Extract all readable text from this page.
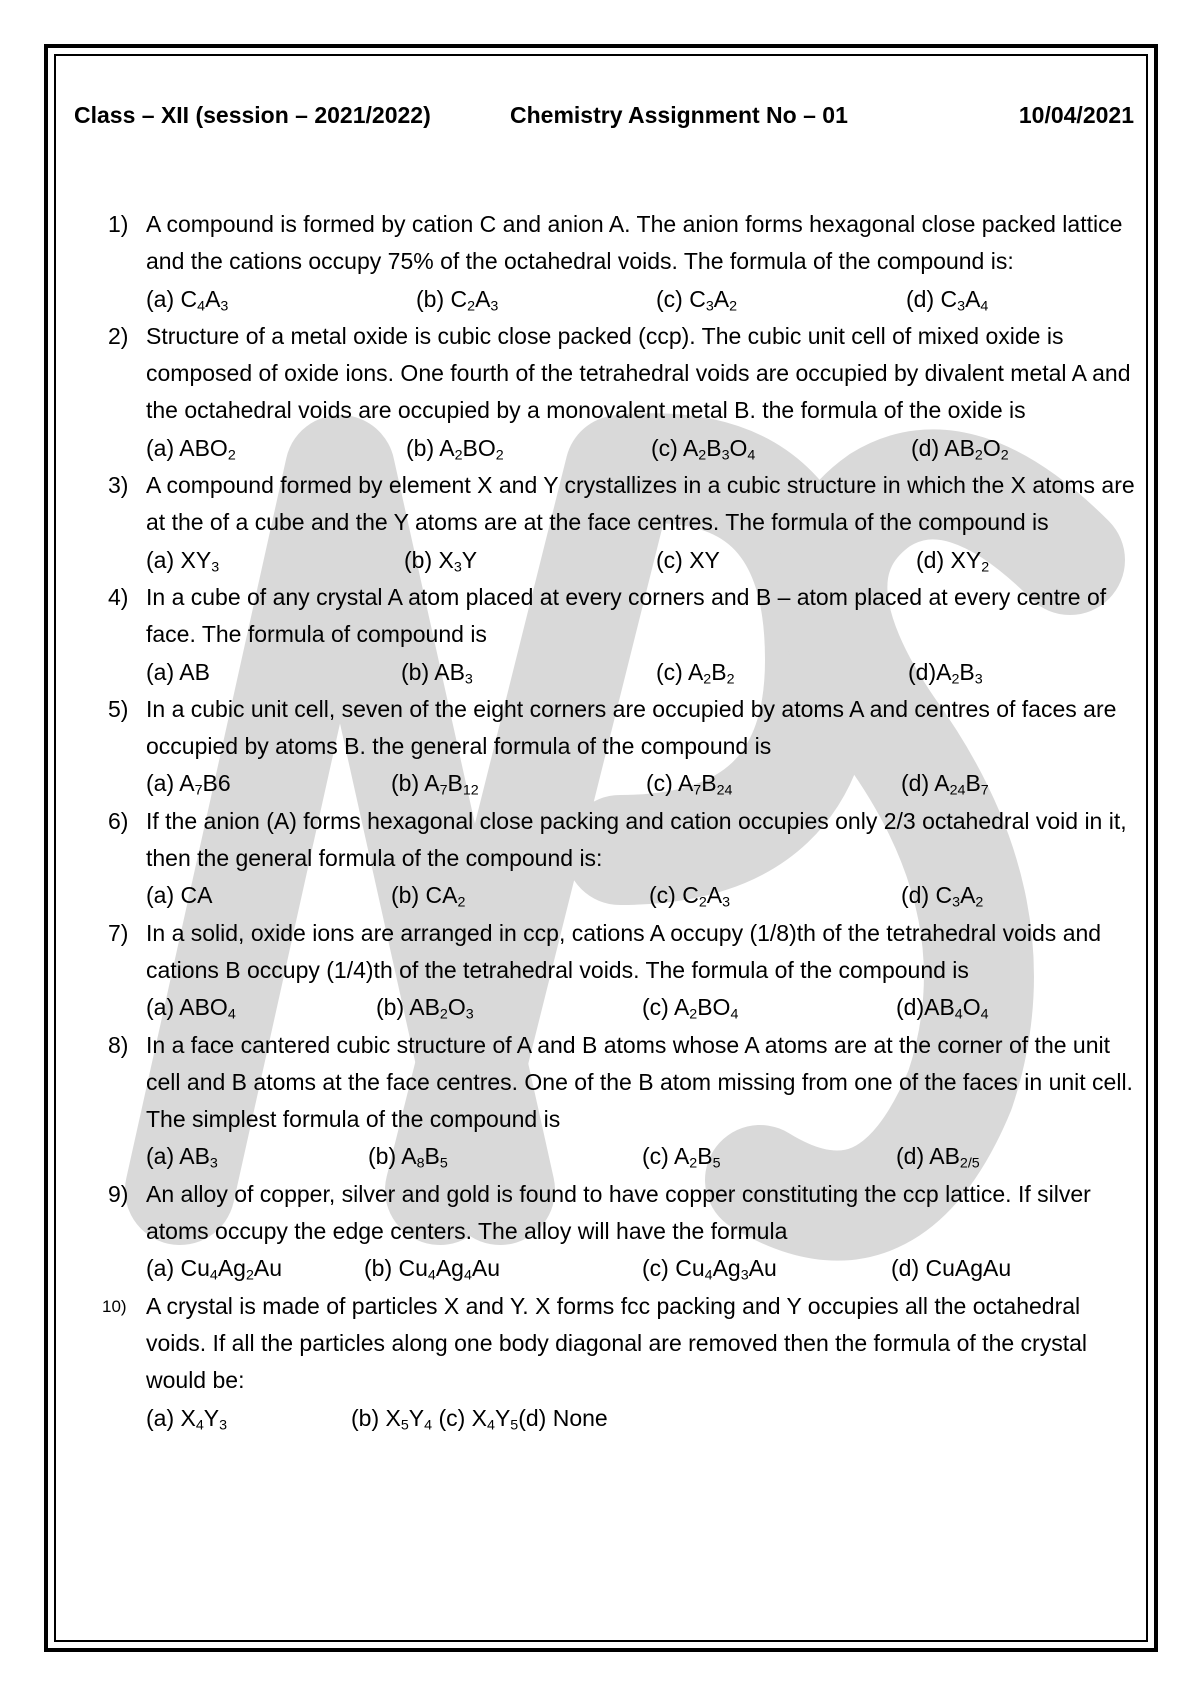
Class – XII (session – 2021/2022)	Chemistry Assignment No – 01	10/04/2021
1) A compound is formed by cation C and anion A. The anion forms hexagonal close packed lattice and the cations occupy 75% of the octahedral voids. The formula of the compound is:
(a) $C_4A_3$	(b) $C_2A_3$	(c) $C_3A_2$	(d) $C_3A_4$
2) Structure of a metal oxide is cubic close packed (ccp). The cubic unit cell of mixed oxide is composed of oxide ions. One fourth of the tetrahedral voids are occupied by divalent metal A and the octahedral voids are occupied by a monovalent metal B. the formula of the oxide is
(a) $ABO_2$	(b) $A_2BO_2$	(c) $A_2B_3O_4$	(d) $AB_2O_2$
3) A compound formed by element X and Y crystallizes in a cubic structure in which the X atoms are at the of a cube and the Y atoms are at the face centres. The formula of the compound is
(a) $XY_3$	(b) $X_3Y$	(c) XY	(d) $XY_2$
4) In a cube of any crystal A atom placed at every corners and B – atom placed at every centre of face. The formula of compound is
(a) AB	(b) $AB_3$	(c) $A_2B_2$	$(d)A_2B_3$
5) In a cubic unit cell, seven of the eight corners are occupied by atoms A and centres of faces are occupied by atoms B. the general formula of the compound is
(a) $A_7B6$	(b) $A_7B_{12}$	(c) $A_7B_{24}$	(d) $A_{24}B_7$
6) If the anion (A) forms hexagonal close packing and cation occupies only 2/3 octahedral void in it, then the general formula of the compound is:
(a) CA	(b) $CA_2$	(c) $C_2A_3$	(d) $C_3A_2$
7) In a solid, oxide ions are arranged in ccp, cations A occupy (1/8)th of the tetrahedral voids and cations B occupy (1/4)th of the tetrahedral voids. The formula of the compound is
(a) $ABO_4$	(b) $AB_2O_3$	(c) $A_2BO_4$	$(d)AB_4O_4$
8) In a face cantered cubic structure of A and B atoms whose A atoms are at the corner of the unit cell and B atoms at the face centres. One of the B atom missing from one of the faces in unit cell. The simplest formula of the compound is
(a) $AB_3$	(b) $A_8B_5$	(c) $A_2B_5$	(d) $AB_{2/5}$
9) An alloy of copper, silver and gold is found to have copper constituting the ccp lattice. If silver atoms occupy the edge centers. The alloy will have the formula
(a) $Cu_4Ag_2Au$	(b) $Cu_4Ag_4Au$	(c) $Cu_4Ag_3Au$	(d) CuAgAu
10) A crystal is made of particles X and Y. X forms fcc packing and Y occupies all the octahedral voids. If all the particles along one body diagonal are removed then the formula of the crystal would be:
(a) $X_4Y_3$	(b) $X_5Y_4$ (c) $X_4Y_5(d)$ None
